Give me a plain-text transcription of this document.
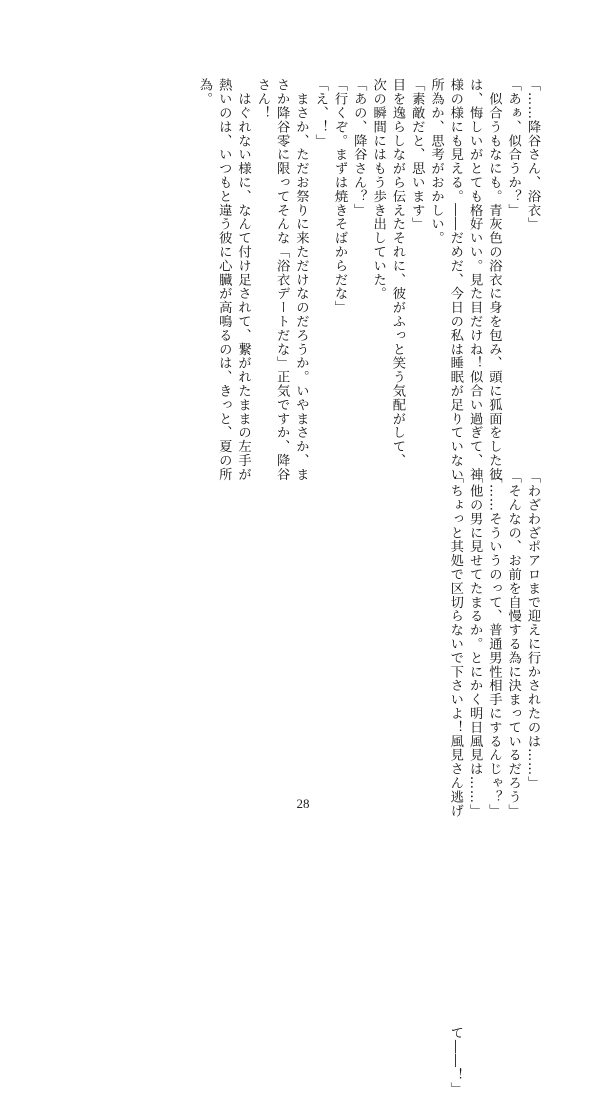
「……降谷さん、浴衣」
「あぁ、似合うか？」
　似合うもなにも。青灰色の浴衣に身を包み、頭に狐面をした彼
は、悔しいがとても格好いい。見た目だけね！似合い過ぎて、神
様の様にも見える。――だめだ、今日の私は睡眠が足りていない
所為か、思考がおかしい。
「素敵だと、思います」
目を逸らしながら伝えたそれに、彼がふっと笑う気配がして、
次の瞬間にはもう歩き出していた。
「あの、降谷さん？」
「行くぞ。まずは焼きそばからだな」
「え、！」
　まさか、ただお祭りに来ただけなのだろうか。いやまさか、ま
さか降谷零に限ってそんな「浴衣デートだな」正気ですか、降谷
さん！
　はぐれない様に、なんて付け足されて、繋がれたままの左手が
熱いのは、いつもと違う彼に心臓が高鳴るのは、きっと、夏の所
為。
「わざわざポアロまで迎えに行かされたのは……」
「そんなの、お前を自慢する為に決まっているだろう」
「……そういうのって、普通男性相手にするんじゃ？」
「他の男に見せてたまるか。とにかく明日風見は……」
「ちょっと其処で区切らないで下さいよ！風見さん逃げ　　　　　　　　　　　　　　　て――！」
28
